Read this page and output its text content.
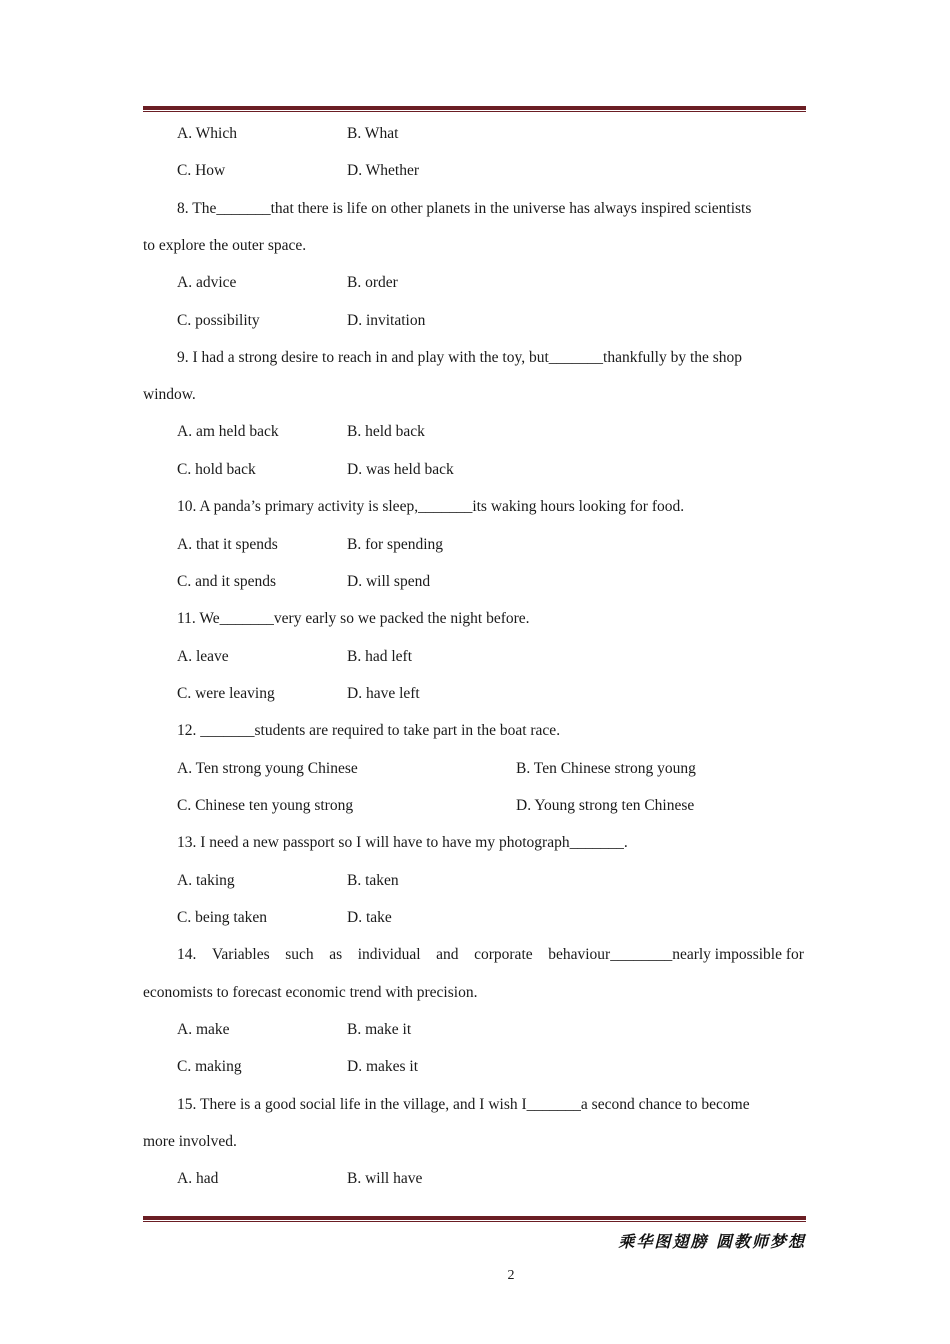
A. Which	B. What
C. How	D. Whether
8. The_______that there is life on other planets in the universe has always inspired scientists
to explore the outer space.
A. advice	B. order
C. possibility	D. invitation
9. I had a strong desire to reach in and play with the toy, but_______thankfully by the shop
window.
A. am held back	B. held back
C. hold back	D. was held back
10. A panda’s primary activity is sleep,_______its waking hours looking for food.
A. that it spends	B. for spending
C. and it spends	D. will spend
11. We_______very early so we packed the night before.
A. leave	B. had left
C. were leaving	D. have left
12. _______students are required to take part in the boat race.
A. Ten strong young Chinese	B. Ten Chinese strong young
C. Chinese ten young strong	D. Young strong ten Chinese
13. I need a new passport so I will have to have my photograph_______.
A. taking	B. taken
C. being taken	D. take
14. Variables such as individual and corporate behaviour________nearly impossible for
economists to forecast economic trend with precision.
A. make	B. make it
C. making	D. makes it
15. There is a good social life in the village, and I wish I_______a second chance to become
more involved.
A. had	B. will have
乘华图翅膀 圆教师梦想
2
